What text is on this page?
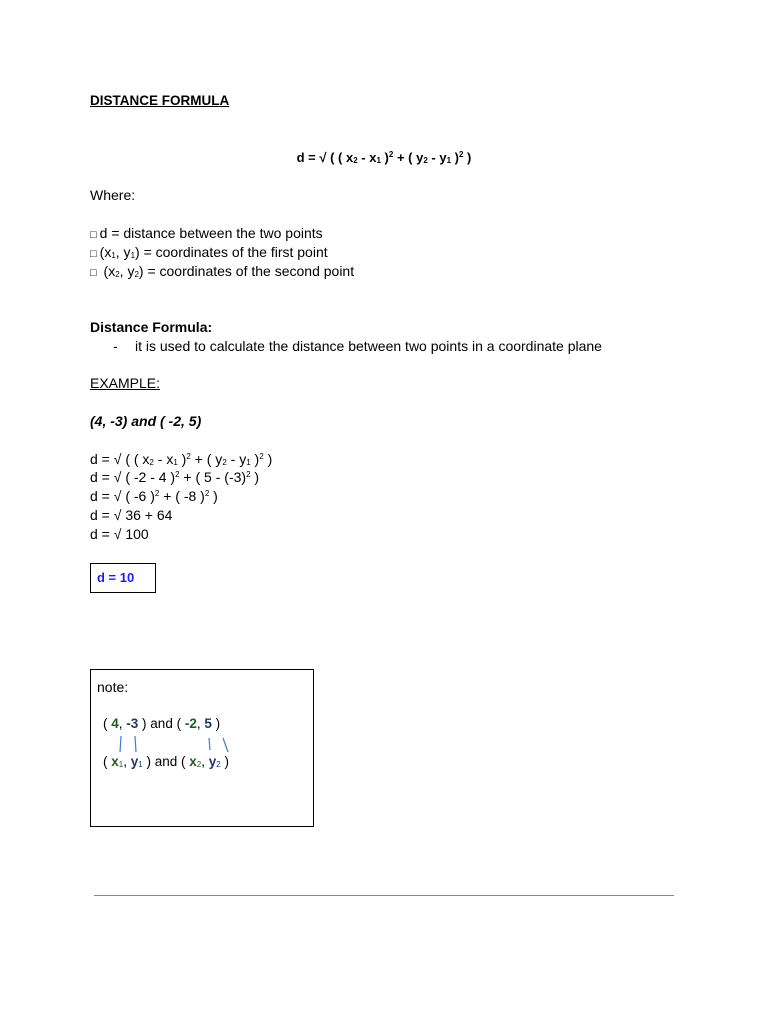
DISTANCE FORMULA
d = √ ( ( $x_2 - x_1$ )$^2$ + ( $y_2 - y_1$ )$^2$ )
Where:
□ d = distance between the two points
□ ($x_1$, $y_1$) = coordinates of the first point
□ ($x_2$, $y_2$) = coordinates of the second point
Distance Formula:
- it is used to calculate the distance between two points in a coordinate plane
EXAMPLE:
(4, -3) and ( -2, 5)
d = √ ( ( $x_2 - x_1$ )$^2$ + ( $y_2 - y_1$ )$^2$ )
d = √ ( -2 - 4 )$^2$ + ( $5 - (-3)^2$ )
d = √ ( -6 )$^2$ + ( -8 )$^2$ )
d = √ 36 + 64
d = √ 100
d = 10
note:
( 4, -3 ) and ( -2, 5 )
( $x_1$, $y_1$ ) and ( $x_2$, $y_2$ )
